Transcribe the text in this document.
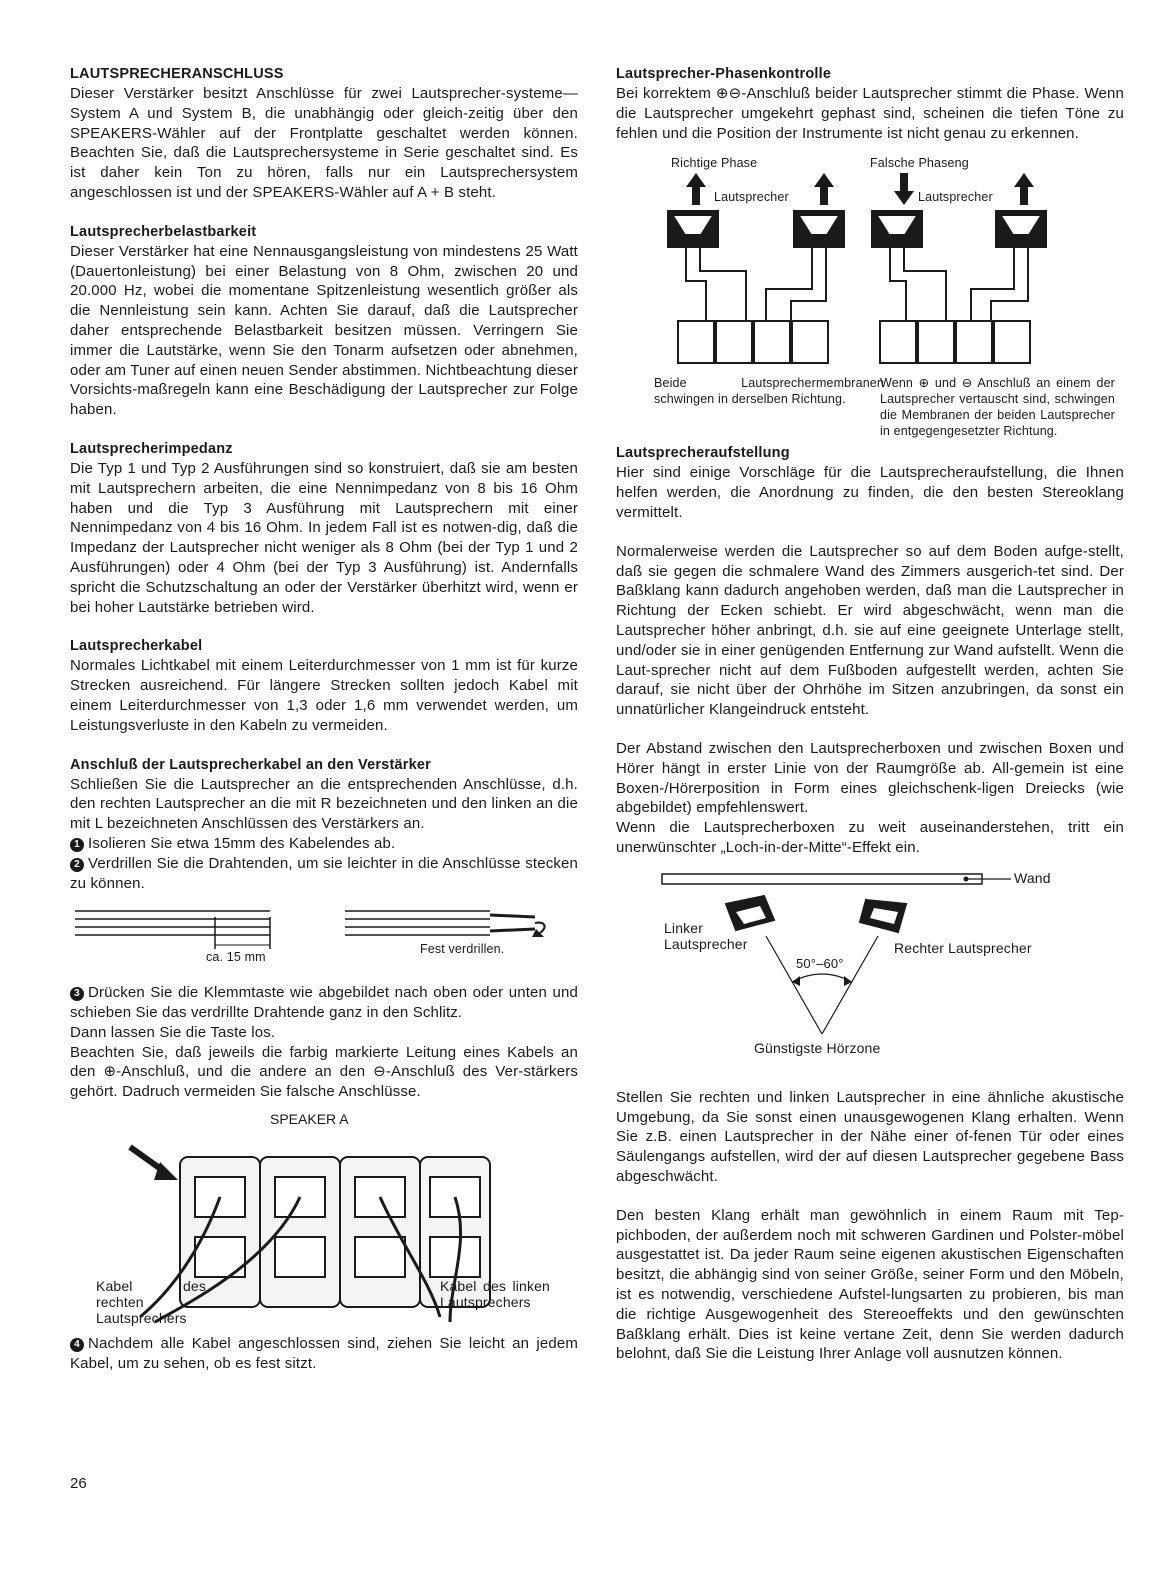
LAUTSPRECHERANSCHLUSS

Dieser Verstärker besitzt Anschlüsse für zwei Lautsprecher-systeme—System A und System B, die unabhängig oder gleich-zeitig über den SPEAKERS-Wähler auf der Frontplatte geschaltet werden können. Beachten Sie, daß die Lautsprechersysteme in Serie geschaltet sind. Es ist daher kein Ton zu hören, falls nur ein Lautsprechersystem angeschlossen ist und der SPEAKERS-Wähler auf A + B steht.

Lautsprecherbelastbarkeit

Dieser Verstärker hat eine Nennausgangsleistung von mindestens 25 Watt (Dauertonleistung) bei einer Belastung von 8 Ohm, zwischen 20 und 20.000 Hz, wobei die momentane Spitzenleistung wesentlich größer als die Nennleistung sein kann. Achten Sie darauf, daß die Lautsprecher daher entsprechende Belastbarkeit besitzen müssen. Verringern Sie immer die Lautstärke, wenn Sie den Tonarm aufsetzen oder abnehmen, oder am Tuner auf einen neuen Sender abstimmen. Nichtbeachtung dieser Vorsichts-maßregeln kann eine Beschädigung der Lautsprecher zur Folge haben.

Lautsprecherimpedanz

Die Typ 1 und Typ 2 Ausführungen sind so konstruiert, daß sie am besten mit Lautsprechern arbeiten, die eine Nennimpedanz von 8 bis 16 Ohm haben und die Typ 3 Ausführung mit Lautsprechern mit einer Nennimpedanz von 4 bis 16 Ohm. In jedem Fall ist es notwen-dig, daß die Impedanz der Lautsprecher nicht weniger als 8 Ohm (bei der Typ 1 und 2 Ausführungen) oder 4 Ohm (bei der Typ 3 Ausführung) ist. Andernfalls spricht die Schutzschaltung an oder der Verstärker überhitzt wird, wenn er bei hoher Lautstärke betrieben wird.

Lautsprecherkabel

Normales Lichtkabel mit einem Leiterdurchmesser von 1 mm ist für kurze Strecken ausreichend. Für längere Strecken sollten jedoch Kabel mit einem Leiterdurchmesser von 1,3 oder 1,6 mm verwendet werden, um Leistungsverluste in den Kabeln zu vermeiden.

Anschluß der Lautsprecherkabel an den Verstärker

Schließen Sie die Lautsprecher an die entsprechenden Anschlüsse, d.h. den rechten Lautsprecher an die mit R bezeichneten und den linken an die mit L bezeichneten Anschlüssen des Verstärkers an.

1 Isolieren Sie etwa 15mm des Kabelendes ab.

2 Verdrillen Sie die Drahtenden, um sie leichter in die Anschlüsse stecken zu können.

ca. 15 mm

Fest verdrillen.

3 Drücken Sie die Klemmtaste wie abgebildet nach oben oder unten und schieben Sie das verdrillte Drahtende ganz in den Schlitz.

Dann lassen Sie die Taste los.

Beachten Sie, daß jeweils die farbig markierte Leitung eines Kabels an den ⊕-Anschluß, und die andere an den ⊖-Anschluß des Ver-stärkers gehört. Dadruch vermeiden Sie falsche Anschlüsse.

SPEAKER A

Kabel des rechten Lautsprechers

Kabel des linken Lautsprechers

4 Nachdem alle Kabel angeschlossen sind, ziehen Sie leicht an jedem Kabel, um zu sehen, ob es fest sitzt.

Lautsprecher-Phasenkontrolle

Bei korrektem ⊕⊖-Anschluß beider Lautsprecher stimmt die Phase. Wenn die Lautsprecher umgekehrt gephast sind, scheinen die tiefen Töne zu fehlen und die Position der Instrumente ist nicht genau zu erkennen.

Richtige Phase	Falsche Phaseng

Lautsprecher	Lautsprecher

Beide Lautsprechermembranen schwingen in derselben Richtung.

Wenn ⊕ und ⊖ Anschluß an einem der Lautsprecher vertauscht sind, schwingen die Membranen der beiden Lautsprecher in entgegengesetzter Richtung.

Lautsprecheraufstellung

Hier sind einige Vorschläge für die Lautsprecheraufstellung, die Ihnen helfen werden, die Anordnung zu finden, die den besten Stereoklang vermittelt.

Normalerweise werden die Lautsprecher so auf dem Boden aufge-stellt, daß sie gegen die schmalere Wand des Zimmers ausgerich-tet sind. Der Baßklang kann dadurch angehoben werden, daß man die Lautsprecher in Richtung der Ecken schiebt. Er wird abgeschwächt, wenn man die Lautsprecher höher anbringt, d.h. sie auf eine geeignete Unterlage stellt, und/oder sie in einer genügenden Entfernung zur Wand aufstellt. Wenn die Laut-sprecher nicht auf dem Fußboden aufgestellt werden, achten Sie darauf, sie nicht über der Ohrhöhe im Sitzen anzubringen, da sonst ein unnatürlicher Klangeindruck entsteht.

Der Abstand zwischen den Lautsprecherboxen und zwischen Boxen und Hörer hängt in erster Linie von der Raumgröße ab. All-gemein ist eine Boxen-/Hörerposition in Form eines gleichschenk-ligen Dreiecks (wie abgebildet) empfehlenswert.

Wenn die Lautsprecherboxen zu weit auseinanderstehen, tritt ein unerwünschter „Loch-in-der-Mitte“-Effekt ein.

Wand

Linker Lautsprecher	Rechter Lautsprecher

50°–60°

Günstigste Hörzone

Stellen Sie rechten und linken Lautsprecher in eine ähnliche akustische Umgebung, da Sie sonst einen unausgewogenen Klang erhalten. Wenn Sie z.B. einen Lautsprecher in der Nähe einer of-fenen Tür oder eines Säulengangs aufstellen, wird der auf diesen Lautsprecher gegebene Bass abgeschwächt.

Den besten Klang erhält man gewöhnlich in einem Raum mit Tep-pichboden, der außerdem noch mit schweren Gardinen und Polster-möbel ausgestattet ist. Da jeder Raum seine eigenen akustischen Eigenschaften besitzt, die abhängig sind von seiner Größe, seiner Form und den Möbeln, ist es notwendig, verschiedene Aufstel-lungsarten zu probieren, bis man die richtige Ausgewogenheit des Stereoeffekts und den gewünschten Baßklang erhält. Dies ist keine vertane Zeit, denn Sie werden dadurch belohnt, daß Sie die Leistung Ihrer Anlage voll ausnutzen können.

26
